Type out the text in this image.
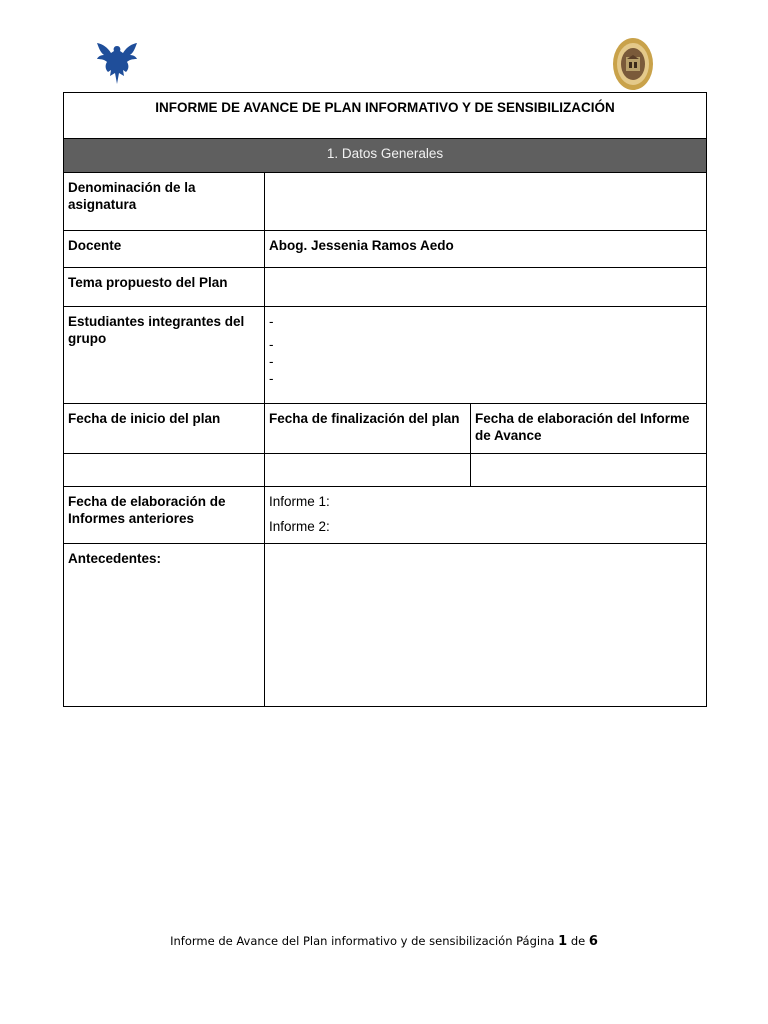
INFORME DE AVANCE DE PLAN INFORMATIVO Y DE SENSIBILIZACIÓN		
1. Datos Generales		
Denominación de la asignatura		
Docente	Abog. Jessenia Ramos Aedo	
Tema propuesto del Plan		
Estudiantes integrantes del grupo	-
-
-
-	

Fecha de inicio del plan	Fecha de finalización del plan	Fecha de elaboración del Informe de Avance

Fecha de elaboración de Informes anteriores	Informe 1:
Informe 2:	

Antecedentes:		
Informe de Avance del Plan informativo y de sensibilización Página 1 de 6
